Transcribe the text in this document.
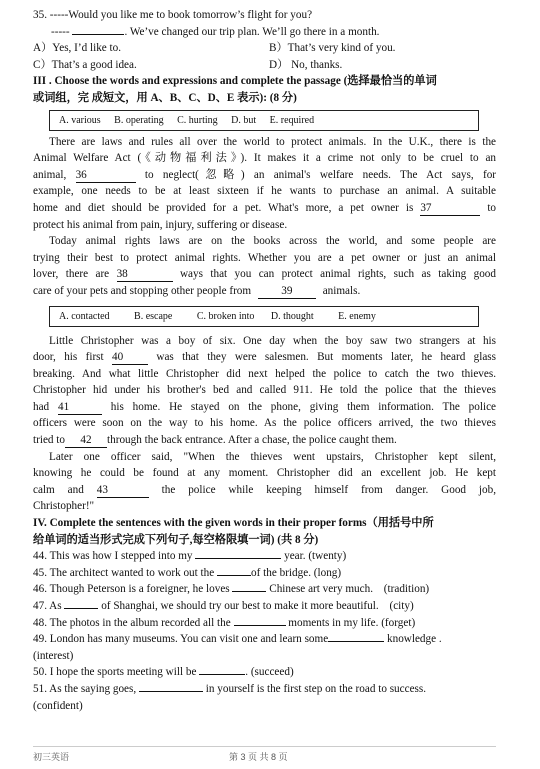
35. -----Would you like me to book tomorrow’s flight for you?
-----	. We’ve changed our trip plan. We’ll go there in a month.
A）Yes, I’d like to.	B）That’s very kind of you.
C）That’s a good idea.	D） No, thanks.
III . Choose the words and expressions and complete the passage (选择最恰当的单词
或词组，完 成短文，用 A、B、C、D、E 表示): (8 分)
A. various B. operating C. hurting D. but E. required
There are laws and rules all over the world to protect animals. In the U.K., there is the
Animal Welfare Act (《动物福利法》). It makes it a crime not only to be cruel to an
animal, 36	to neglect(忽略) an animal's welfare needs. The Act says, for
example, one needs to be at least sixteen if he wants to purchase an animal. A suitable
home and diet should be provided for a pet. What's more, a pet owner is 37	to
protect his animal from pain, injury, suffering or disease.
Today animal rights laws are on the books across the world, and some people are
trying their best to protect animal rights. Whether you are a pet owner or just an animal
lover, there are 38	ways that you can protect animal rights, such as taking good
care of your pets and stopping other people from	39	animals.
A. contacted B. escape C. broken into D. thought E. enemy
Little Christopher was a boy of six. One day when the boy saw two strangers at his
door, his first 40	was that they were salesmen. But moments later, he heard glass
breaking. And what little Christopher did next helped the police to catch the two thieves.
Christopher hid under his brother's bed and called 911. He told the police that the thieves
had 41	his home. He stayed on the phone, giving them information. The police
officers were soon on the way to his home. As the police officers arrived, the two thieves
tried to 42 through the back entrance. After a chase, the police caught them.
Later one officer said, "When the thieves went upstairs, Christopher kept silent,
knowing he could be found at any moment. Christopher did an excellent job. He kept
calm and 43	the police while keeping himself from danger. Good job,
Christopher!"
IV. Complete the sentences with the given words in their proper forms（用括号中所
给单词的适当形式完成下列句子,每空格限填一词) (共 8 分)
44. This was how I stepped into my	year. (twenty)
45. The architect wanted to work out the	of the bridge. (long)
46. Though Peterson is a foreigner, he loves	Chinese art very much. (tradition)
47. As	of Shanghai, we should try our best to make it more beautiful. (city)
48. The photos in the album recorded all the	moments in my life. (forget)
49. London has many museums. You can visit one and learn some	knowledge .
(interest)
50. I hope the sports meeting will be	. (succeed)
51. As the saying goes,	in yourself is the first step on the road to success.
(confident)
初三英语	第 3 页 共 8 页
